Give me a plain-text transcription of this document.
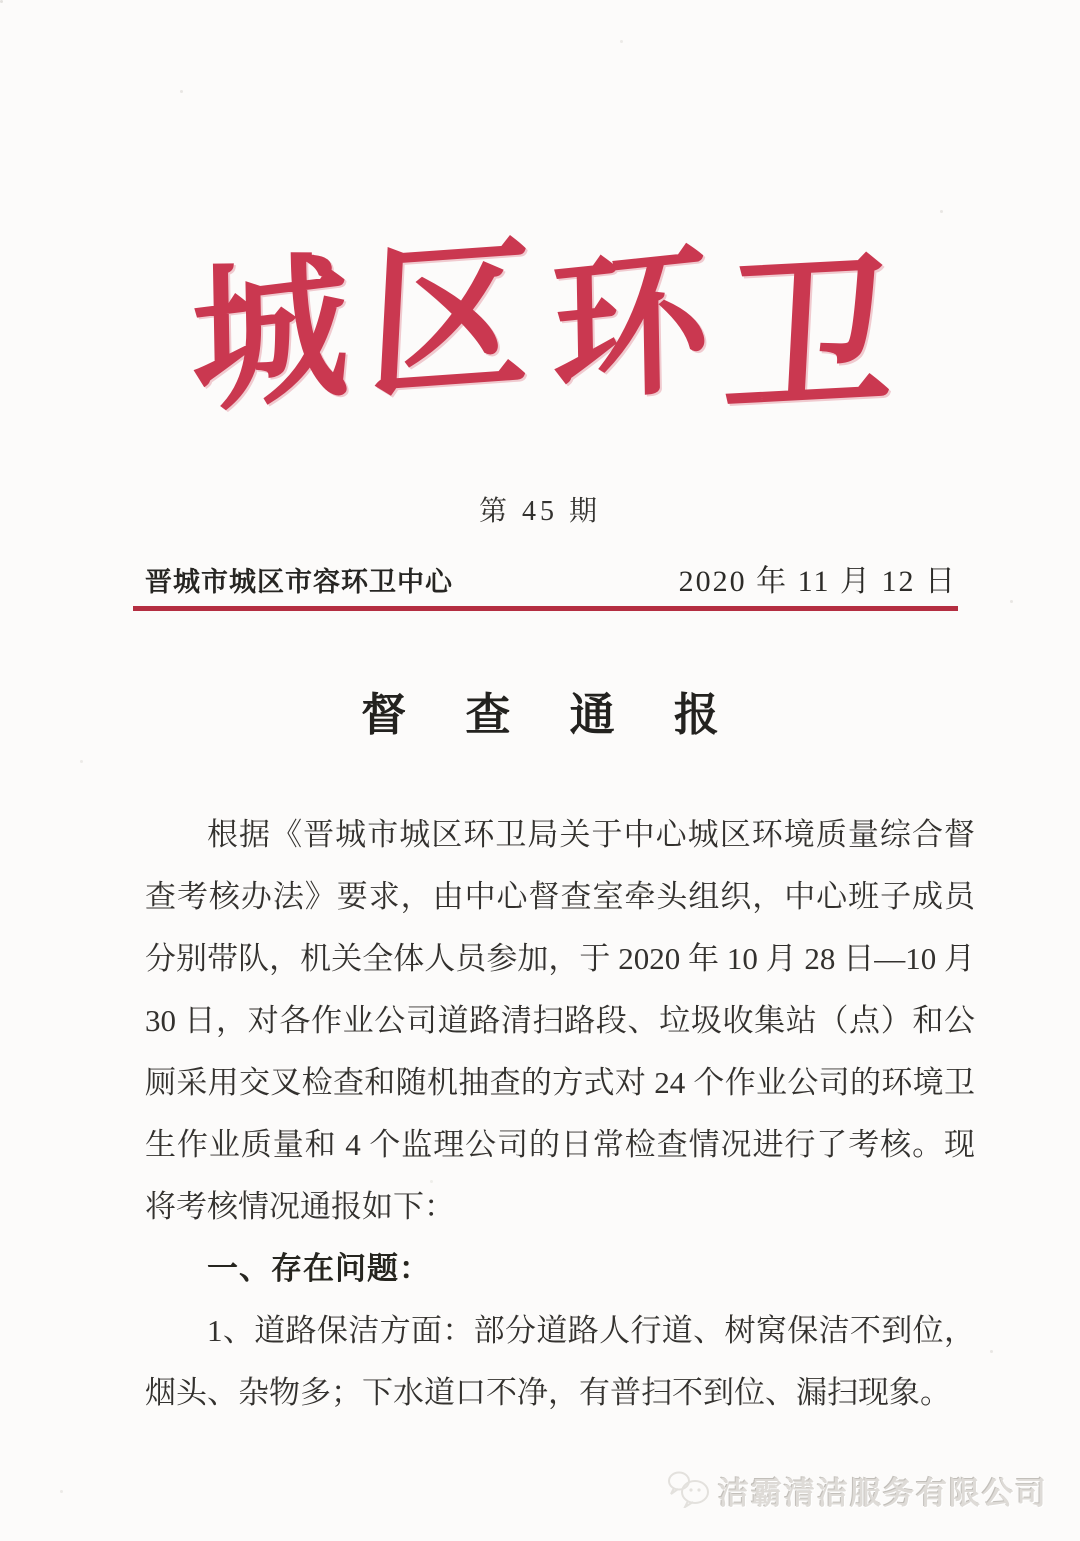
城 区 环 卫
第 45 期
晋城市城区市容环卫中心	2020 年 11 月 12 日
督 查 通 报

根据《晋城市城区环卫局关于中心城区环境质量综合督查考核办法》要求，由中心督查室牵头组织，中心班子成员分别带队，机关全体人员参加，于 2020 年 10 月 28 日—10 月 30 日，对各作业公司道路清扫路段、垃圾收集站（点）和公厕采用交叉检查和随机抽查的方式对 24 个作业公司的环境卫生作业质量和 4 个监理公司的日常检查情况进行了考核。现将考核情况通报如下：

一、存在问题：

1、道路保洁方面：部分道路人行道、树窝保洁不到位，烟头、杂物多；下水道口不净，有普扫不到位、漏扫现象。

洁霸清洁服务有限公司
